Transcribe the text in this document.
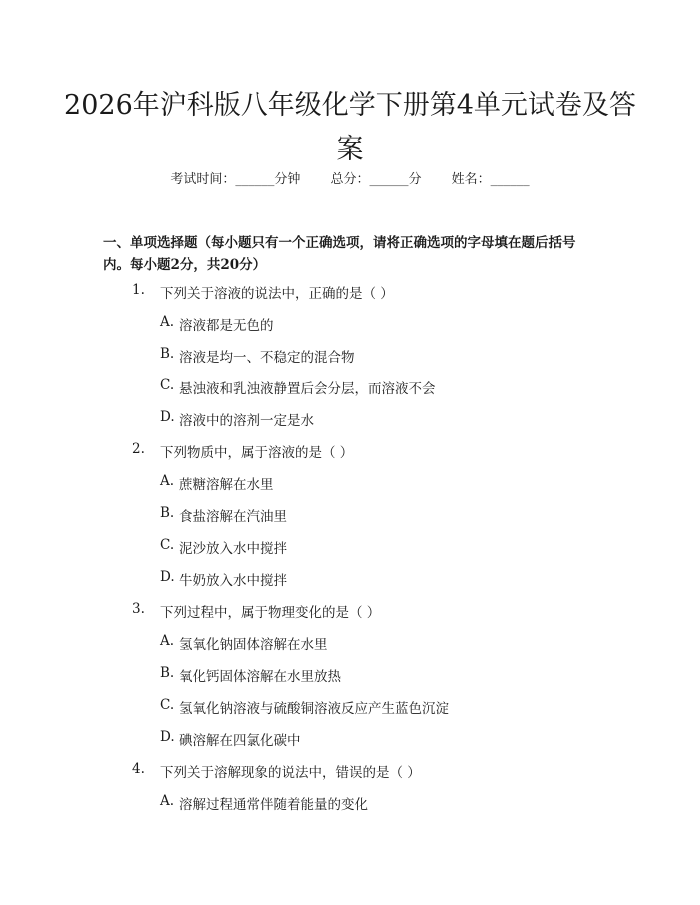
2026年沪科版八年级化学下册第4单元试卷及答案
考试时间：______分钟 总分：______分 姓名：______
一、单项选择题（每小题只有一个正确选项，请将正确选项的字母填在题后括号内。每小题2分，共20分）
1. 下列关于溶液的说法中，正确的是（ ）
A. 溶液都是无色的
B. 溶液是均一、不稳定的混合物
C. 悬浊液和乳浊液静置后会分层，而溶液不会
D. 溶液中的溶剂一定是水
2. 下列物质中，属于溶液的是（ ）
A. 蔗糖溶解在水里
B. 食盐溶解在汽油里
C. 泥沙放入水中搅拌
D. 牛奶放入水中搅拌
3. 下列过程中，属于物理变化的是（ ）
A. 氢氧化钠固体溶解在水里
B. 氧化钙固体溶解在水里放热
C. 氢氧化钠溶液与硫酸铜溶液反应产生蓝色沉淀
D. 碘溶解在四氯化碳中
4. 下列关于溶解现象的说法中，错误的是（ ）
A. 溶解过程通常伴随着能量的变化
